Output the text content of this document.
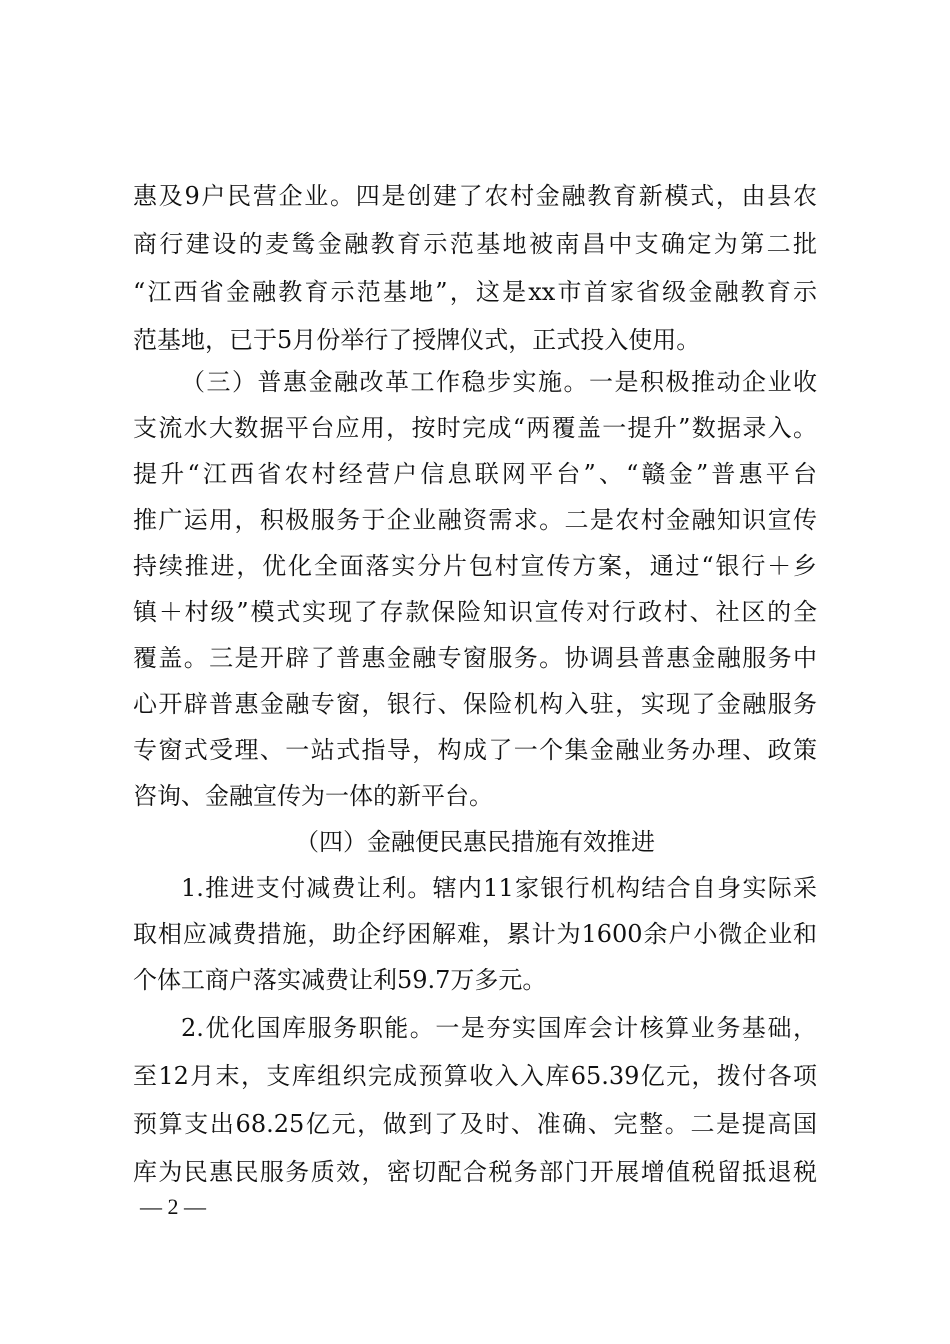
惠及9户民营企业。四是创建了农村金融教育新模式，由县农
商行建设的麦鸶金融教育示范基地被南昌中支确定为第二批
“江西省金融教育示范基地”，这是xx市首家省级金融教育示
范基地，已于5月份举行了授牌仪式，正式投入使用。
（三）普惠金融改革工作稳步实施。一是积极推动企业收
支流水大数据平台应用，按时完成“两覆盖一提升”数据录入。
提升“江西省农村经营户信息联网平台”、“赣金”普惠平台
推广运用，积极服务于企业融资需求。二是农村金融知识宣传
持续推进，优化全面落实分片包村宣传方案，通过“银行＋乡
镇＋村级”模式实现了存款保险知识宣传对行政村、社区的全
覆盖。三是开辟了普惠金融专窗服务。协调县普惠金融服务中
心开辟普惠金融专窗，银行、保险机构入驻，实现了金融服务
专窗式受理、一站式指导，构成了一个集金融业务办理、政策
咨询、金融宣传为一体的新平台。
（四）金融便民惠民措施有效推进
1.推进支付减费让利。辖内11家银行机构结合自身实际采
取相应减费措施，助企纾困解难，累计为1600余户小微企业和
个体工商户落实减费让利59.7万多元。
2.优化国库服务职能。一是夯实国库会计核算业务基础，
至12月末，支库组织完成预算收入入库65.39亿元，拨付各项
预算支出68.25亿元，做到了及时、准确、完整。二是提高国
库为民惠民服务质效，密切配合税务部门开展增值税留抵退税
— 2 —
